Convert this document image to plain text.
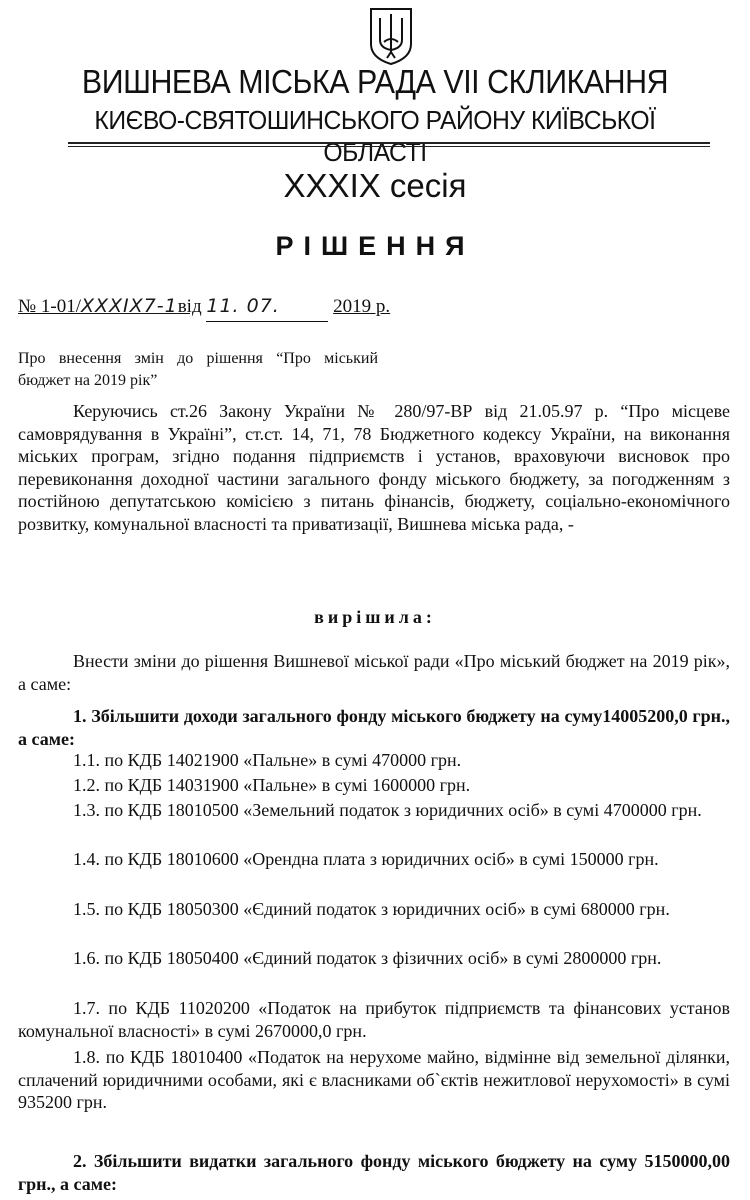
ВИШНЕВА МІСЬКА РАДА VII СКЛИКАННЯ
КИЄВО-СВЯТОШИНСЬКОГО РАЙОНУ КИЇВСЬКОЇ ОБЛАСТІ
XXXIX сесія
РІШЕННЯ
№ 1-01/XXXIX7-1від 11. 07.	2019 р.
Про внесення змін до рішення “Про міський бюджет на 2019 рік”
Керуючись ст.26 Закону України № 280/97-ВР від 21.05.97 р. “Про місцеве самоврядування в Україні”, ст.ст. 14, 71, 78 Бюджетного кодексу України, на виконання міських програм, згідно подання підприємств і установ, враховуючи висновок про перевиконання доходної частини загального фонду міського бюджету, за погодженням з постійною депутатською комісією з питань фінансів, бюджету, соціально-економічного розвитку, комунальної власності та приватизації, Вишнева міська рада, -
вирішила:
Внести зміни до рішення Вишневої міської ради «Про міський бюджет на 2019 рік», а саме:
1. Збільшити доходи загального фонду міського бюджету на суму14005200,0 грн., а саме:
1.1. по КДБ 14021900 «Пальне» в сумі 470000 грн.
1.2. по КДБ 14031900 «Пальне» в сумі 1600000 грн.
1.3. по КДБ 18010500 «Земельний податок з юридичних осіб» в сумі 4700000 грн.
1.4. по КДБ 18010600 «Орендна плата з юридичних осіб» в сумі 150000 грн.
1.5. по КДБ 18050300 «Єдиний податок з юридичних осіб» в сумі 680000 грн.
1.6. по КДБ 18050400 «Єдиний податок з фізичних осіб» в сумі 2800000 грн.
1.7. по КДБ 11020200 «Податок на прибуток підприємств та фінансових установ комунальної власності» в сумі 2670000,0 грн.
1.8. по КДБ 18010400 «Податок на нерухоме майно, відмінне від земельної ділянки, сплачений юридичними особами, які є власниками об`єктів нежитлової нерухомості» в сумі 935200 грн.
2. Збільшити видатки загального фонду міського бюджету на суму 5150000,00 грн., а саме:
